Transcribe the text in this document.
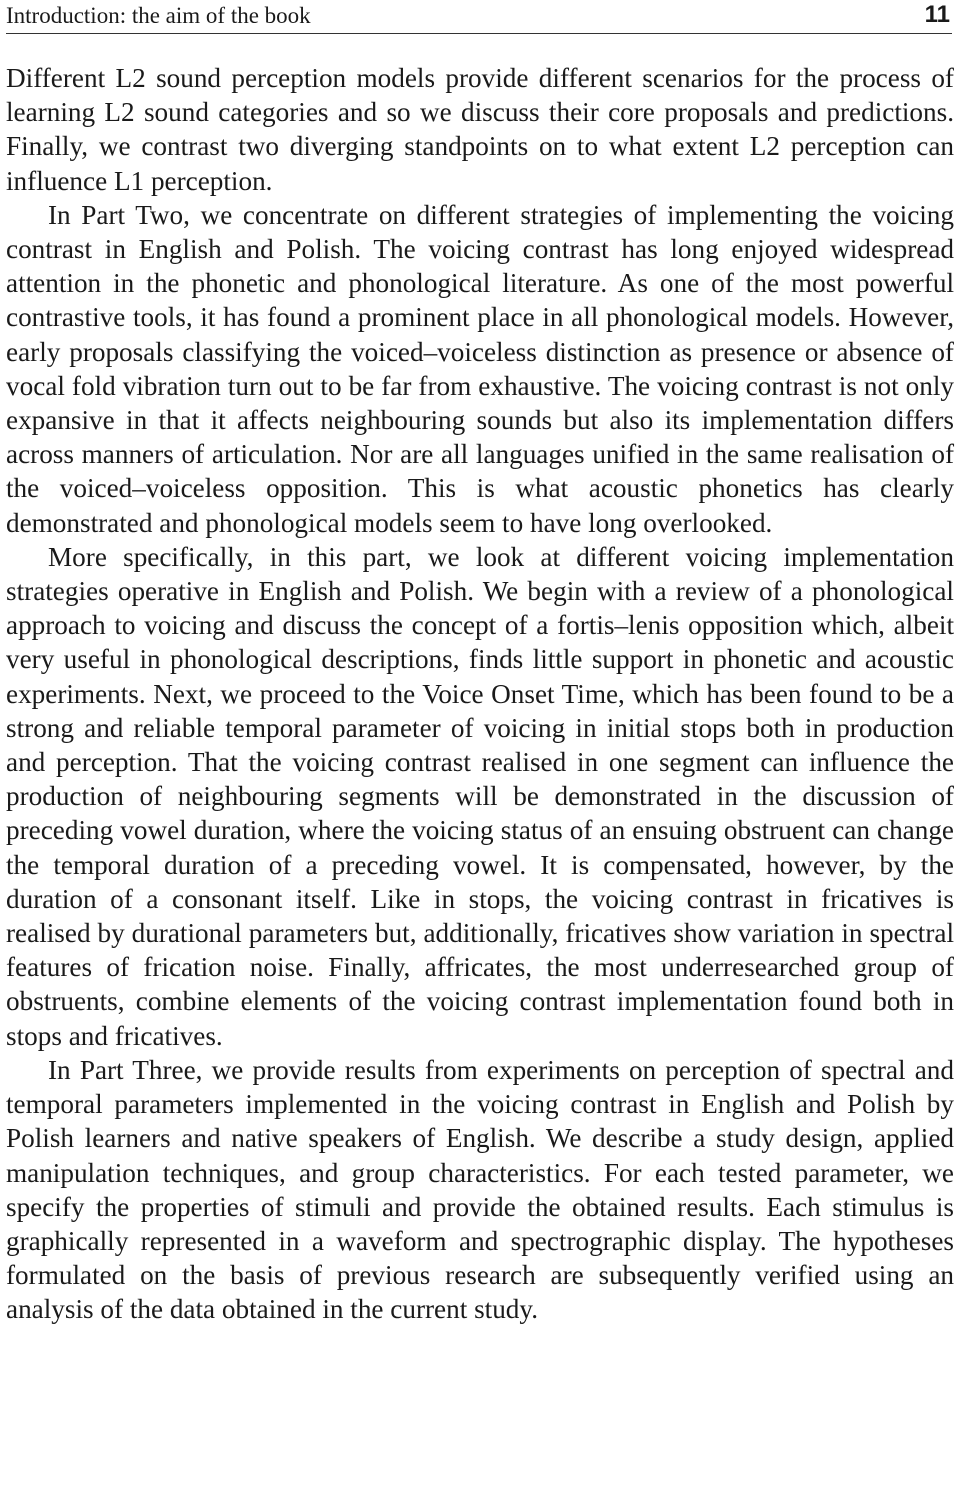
Introduction: the aim of the book	11

Different L2 sound perception models provide different scenarios for the process of learning L2 sound categories and so we discuss their core proposals and predictions. Finally, we contrast two diverging standpoints on to what extent L2 perception can influence L1 perception.

In Part Two, we concentrate on different strategies of implementing the voicing contrast in English and Polish. The voicing contrast has long enjoyed widespread attention in the phonetic and phonological literature. As one of the most powerful contrastive tools, it has found a prominent place in all phonological models. However, early proposals classifying the voiced–voiceless distinction as presence or absence of vocal fold vibration turn out to be far from exhaustive. The voicing contrast is not only expansive in that it affects neighbouring sounds but also its implementation differs across manners of articulation. Nor are all languages unified in the same realisation of the voiced–voiceless opposition. This is what acoustic phonetics has clearly demonstrated and phonological models seem to have long overlooked.

More specifically, in this part, we look at different voicing implementation strategies operative in English and Polish. We begin with a review of a phonological approach to voicing and discuss the concept of a fortis–lenis opposition which, albeit very useful in phonological descriptions, finds little support in phonetic and acoustic experiments. Next, we proceed to the Voice Onset Time, which has been found to be a strong and reliable temporal parameter of voicing in initial stops both in production and perception. That the voicing contrast realised in one segment can influence the production of neighbouring segments will be demonstrated in the discussion of preceding vowel duration, where the voicing status of an ensuing obstruent can change the temporal duration of a preceding vowel. It is compensated, however, by the duration of a consonant itself. Like in stops, the voicing contrast in fricatives is realised by durational parameters but, additionally, fricatives show variation in spectral features of frication noise. Finally, affricates, the most underresearched group of obstruents, combine elements of the voicing contrast implementation found both in stops and fricatives.

In Part Three, we provide results from experiments on perception of spectral and temporal parameters implemented in the voicing contrast in English and Polish by Polish learners and native speakers of English. We describe a study design, applied manipulation techniques, and group characteristics. For each tested parameter, we specify the properties of stimuli and provide the obtained results. Each stimulus is graphically represented in a waveform and spectrographic display. The hypotheses formulated on the basis of previous research are subsequently verified using an analysis of the data obtained in the current study.
